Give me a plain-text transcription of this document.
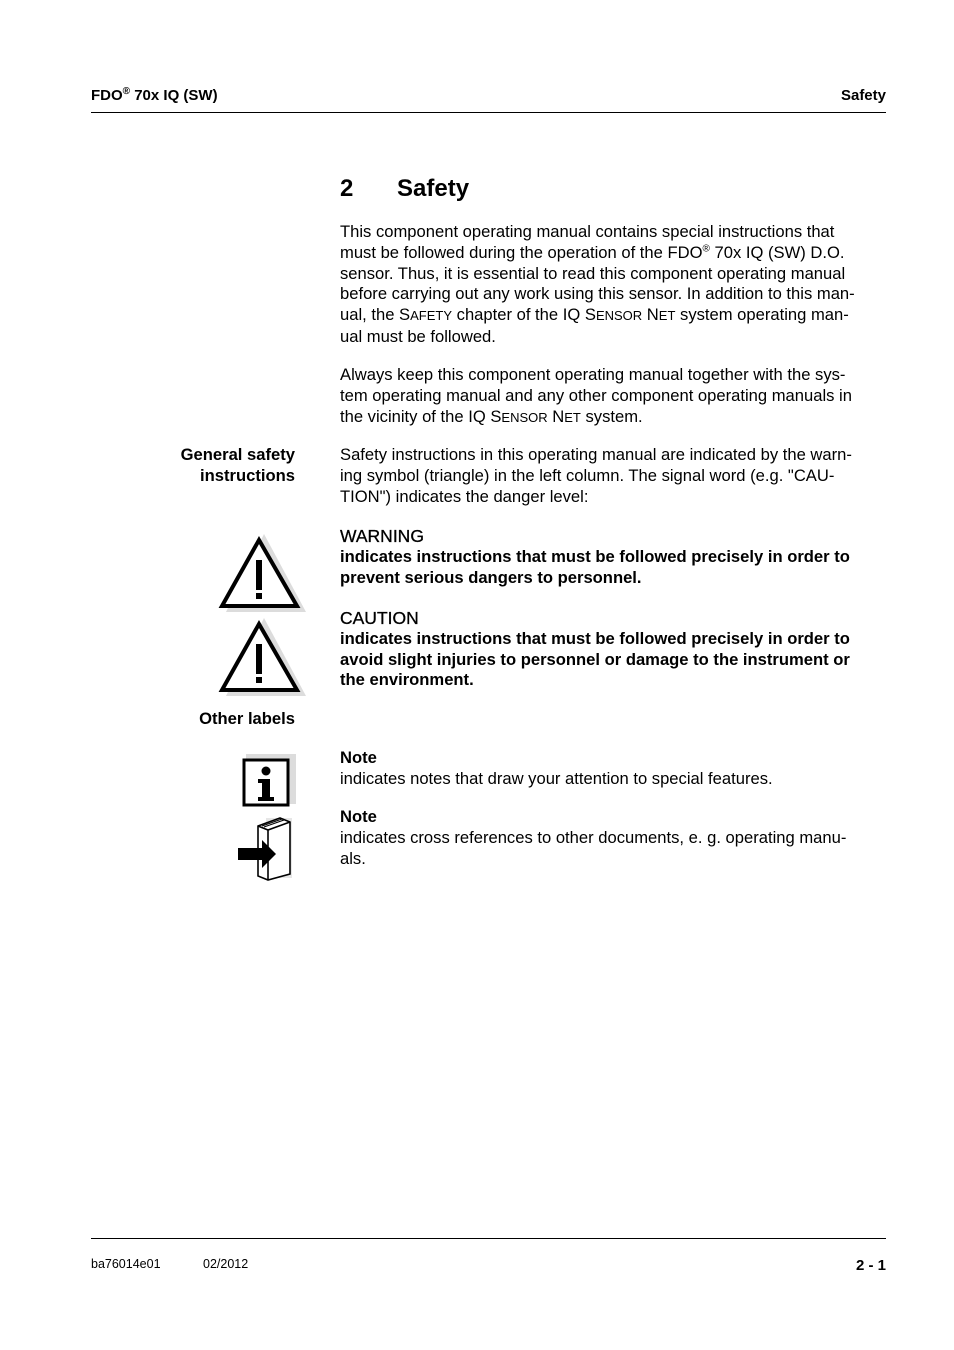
FDO® 70x IQ (SW)	Safety
2 Safety
This component operating manual contains special instructions that
must be followed during the operation of the FDO® 70x IQ (SW) D.O.
sensor. Thus, it is essential to read this component operating manual
before carrying out any work using this sensor. In addition to this man-
ual, the SAFETY chapter of the IQ SENSOR NET system operating man-
ual must be followed.
Always keep this component operating manual together with the sys-
tem operating manual and any other component operating manuals in
the vicinity of the IQ SENSOR NET system.
General safety
instructions
Safety instructions in this operating manual are indicated by the warn-
ing symbol (triangle) in the left column. The signal word (e.g. "CAU-
TION") indicates the danger level:
WARNING
indicates instructions that must be followed precisely in order to
prevent serious dangers to personnel.
CAUTION
indicates instructions that must be followed precisely in order to
avoid slight injuries to personnel or damage to the instrument or
the environment.
Other labels
Note
indicates notes that draw your attention to special features.
Note
indicates cross references to other documents, e. g. operating manu-
als.
ba76014e01	02/2012	2 - 1
